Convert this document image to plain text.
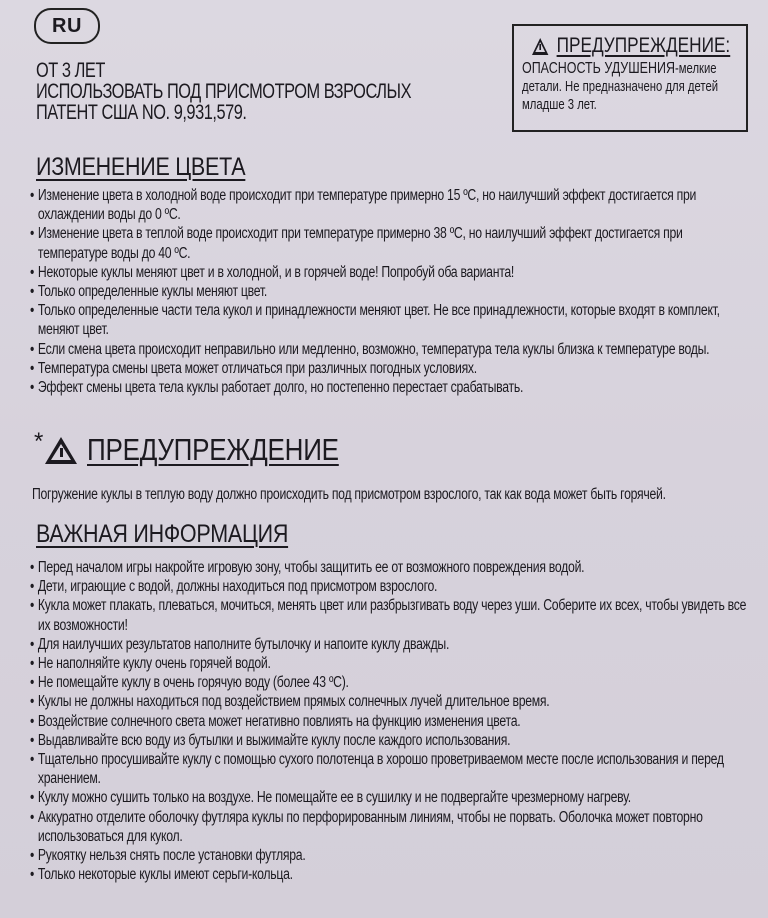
RU
ОТ 3 ЛЕТ
ИСПОЛЬЗОВАТЬ ПОД ПРИСМОТРОМ ВЗРОСЛЫХ
ПАТЕНТ США NO. 9,931,579.
ПРЕДУПРЕЖДЕНИЕ:
ОПАСНОСТЬ УДУШЕНИЯ-мелкие детали. Не предназначено для детей младше 3 лет.
ИЗМЕНЕНИЕ ЦВЕТА
• Изменение цвета в холодной воде происходит при температуре примерно 15 ºC, но наилучший эффект достигается при охлаждении воды до 0 ºC.
• Изменение цвета в теплой воде происходит при температуре примерно 38 ºC, но наилучший эффект достигается при температуре воды до 40 ºC.
• Некоторые куклы меняют цвет и в холодной, и в горячей воде! Попробуй оба варианта!
• Только определенные куклы меняют цвет.
• Только определенные части тела кукол и принадлежности меняют цвет. Не все принадлежности, которые входят в комплект, меняют цвет.
• Если смена цвета происходит неправильно или медленно, возможно, температура тела куклы близка к температуре воды.
• Температура смены цвета может отличаться при различных погодных условиях.
• Эффект смены цвета тела куклы работает долго, но постепенно перестает срабатывать.
* ПРЕДУПРЕЖДЕНИЕ
Погружение куклы в теплую воду должно происходить под присмотром взрослого, так как вода может быть горячей.
ВАЖНАЯ ИНФОРМАЦИЯ
• Перед началом игры накройте игровую зону, чтобы защитить ее от возможного повреждения водой.
• Дети, играющие с водой, должны находиться под присмотром взрослого.
• Кукла может плакать, плеваться, мочиться, менять цвет или разбрызгивать воду через уши. Соберите их всех, чтобы увидеть все их возможности!
• Для наилучших результатов наполните бутылочку и напоите куклу дважды.
• Не наполняйте куклу очень горячей водой.
• Не помещайте куклу в очень горячую воду (более 43 ºC).
• Куклы не должны находиться под воздействием прямых солнечных лучей длительное время.
• Воздействие солнечного света может негативно повлиять на функцию изменения цвета.
• Выдавливайте всю воду из бутылки и выжимайте куклу после каждого использования.
• Тщательно просушивайте куклу с помощью сухого полотенца в хорошо проветриваемом месте после использования и перед хранением.
• Куклу можно сушить только на воздухе. Не помещайте ее в сушилку и не подвергайте чрезмерному нагреву.
• Аккуратно отделите оболочку футляра куклы по перфорированным линиям, чтобы не порвать. Оболочка может повторно использоваться для кукол.
• Рукоятку нельзя снять после установки футляра.
• Только некоторые куклы имеют серьги-кольца.
